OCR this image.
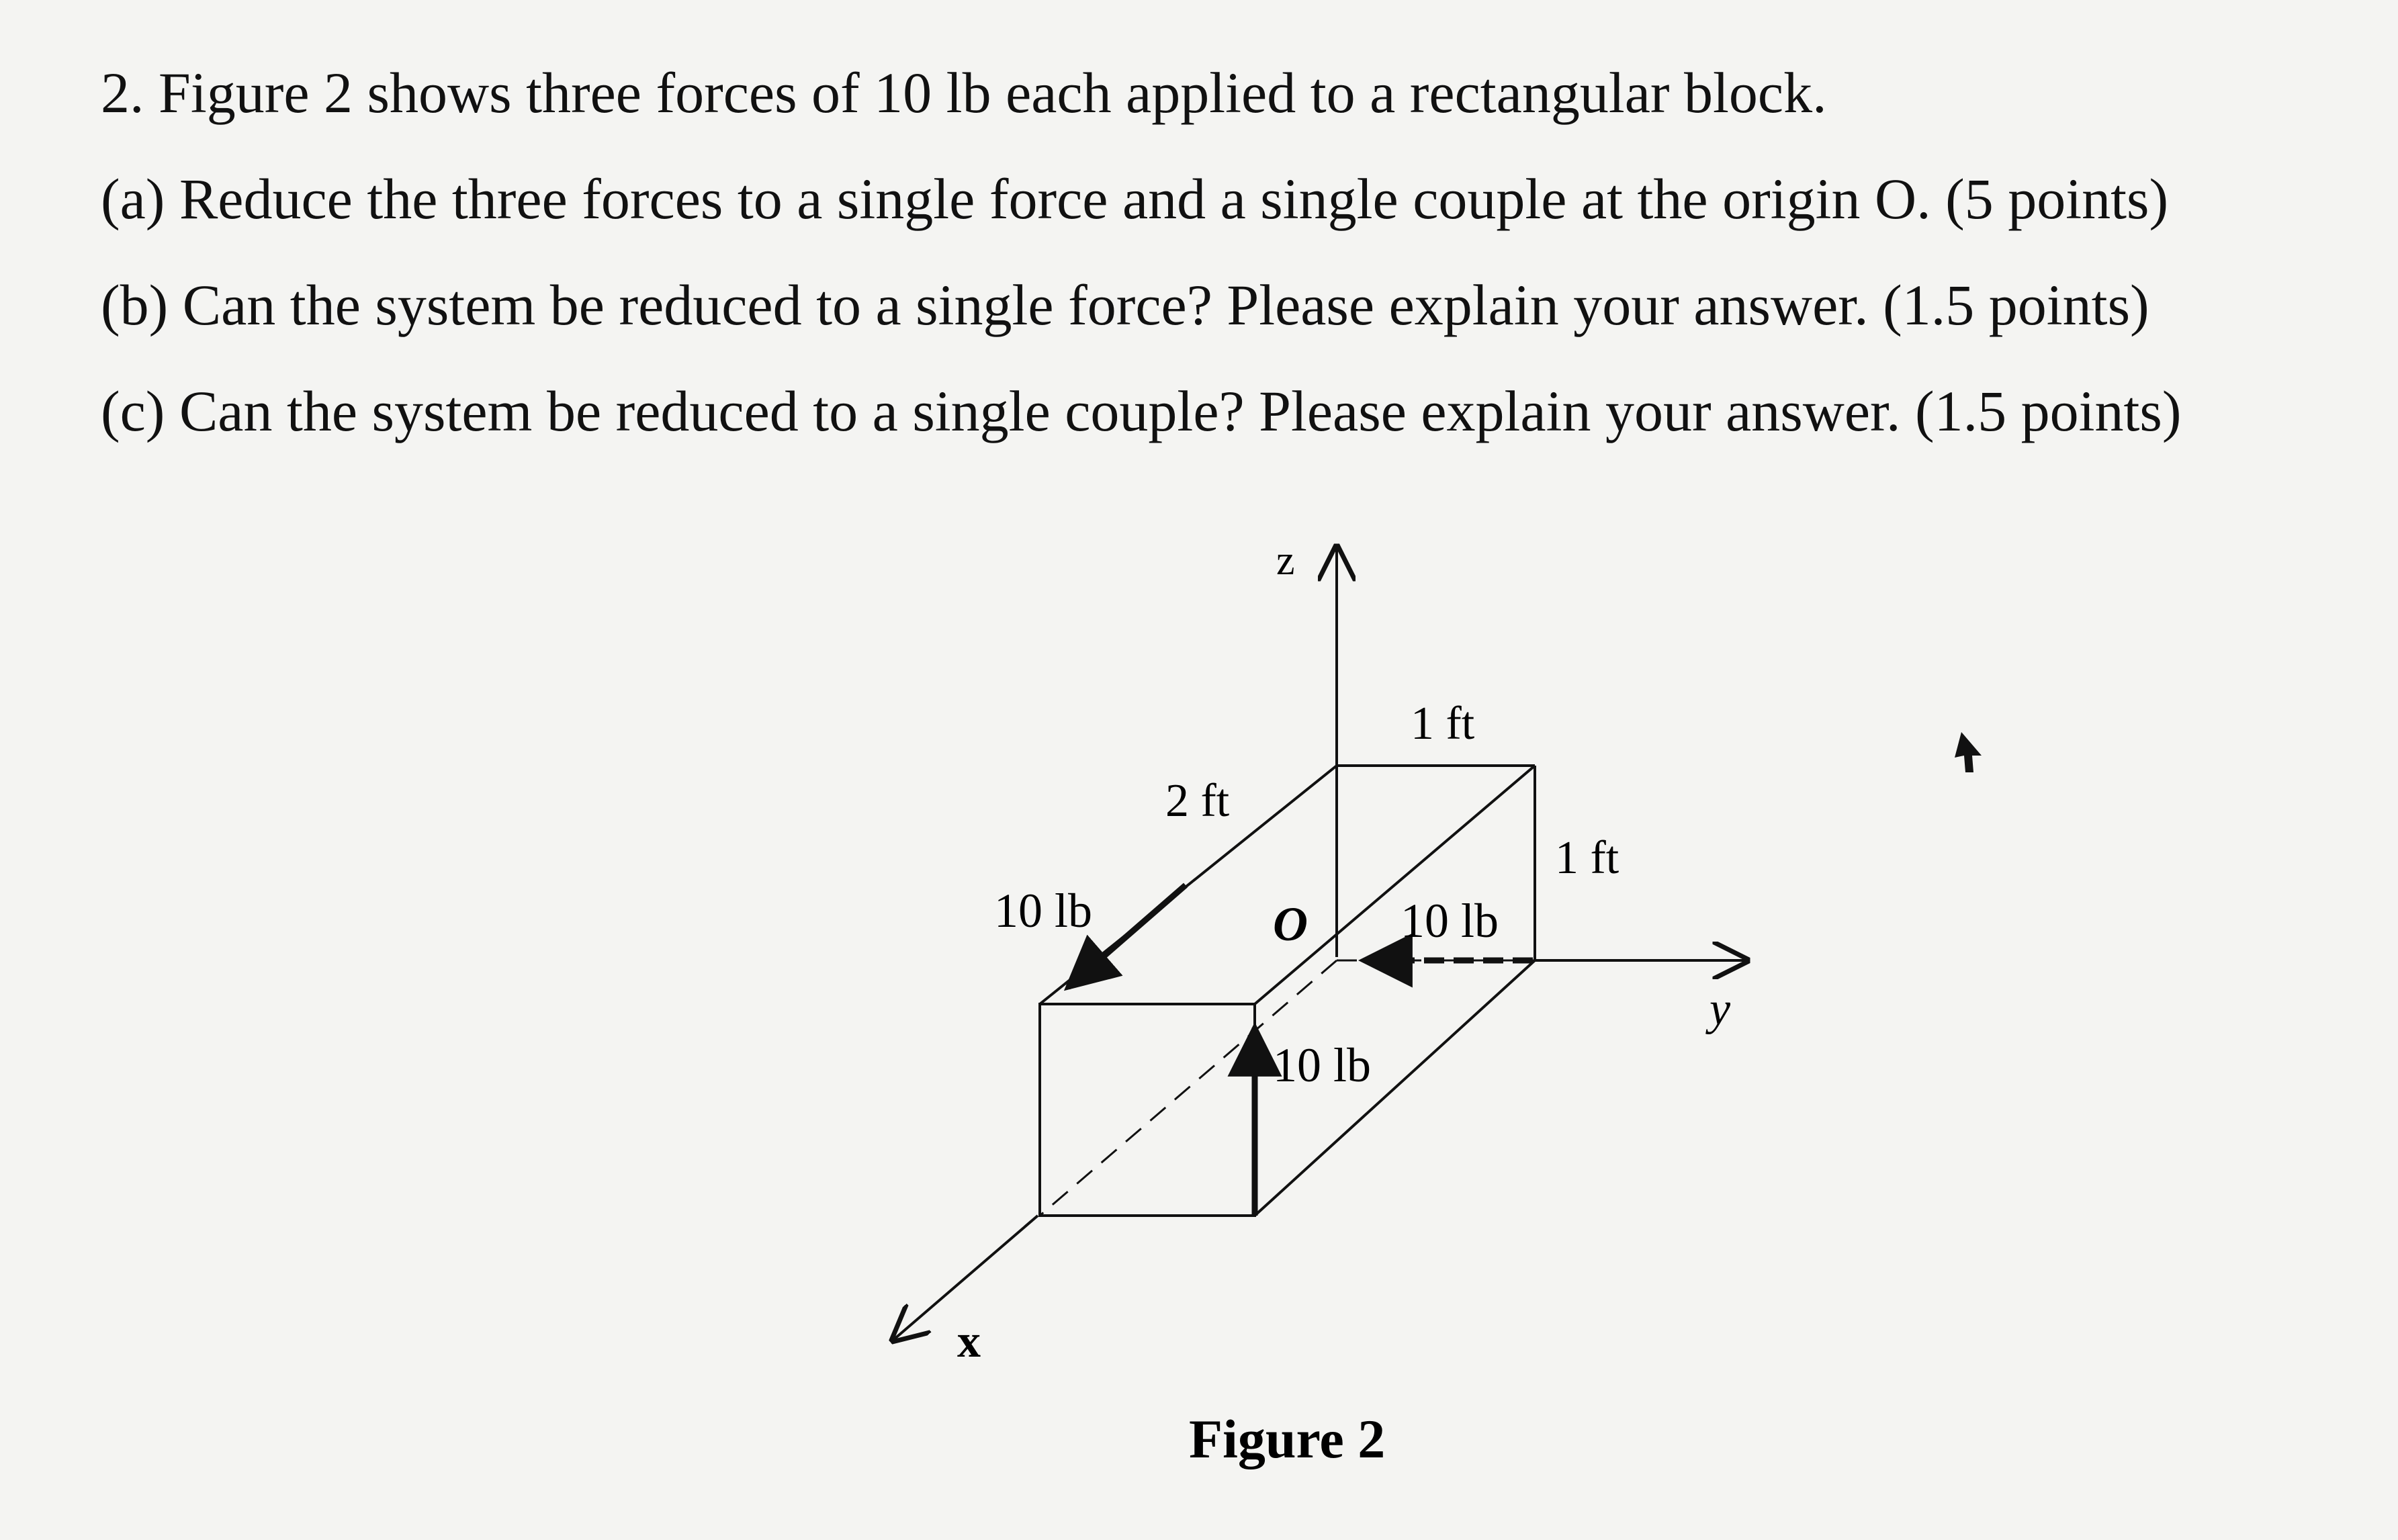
2. Figure 2 shows three forces of 10 lb each applied to a rectangular block.
(a) Reduce the three forces to a single force and a single couple at the origin O. (5 points)
(b) Can the system be reduced to a single force? Please explain your answer. (1.5 points)
(c) Can the system be reduced to a single couple? Please explain your answer. (1.5 points)
z
y
x
O
2 ft
1 ft
1 ft
10 lb	10 lb
10 lb
Figure 2
